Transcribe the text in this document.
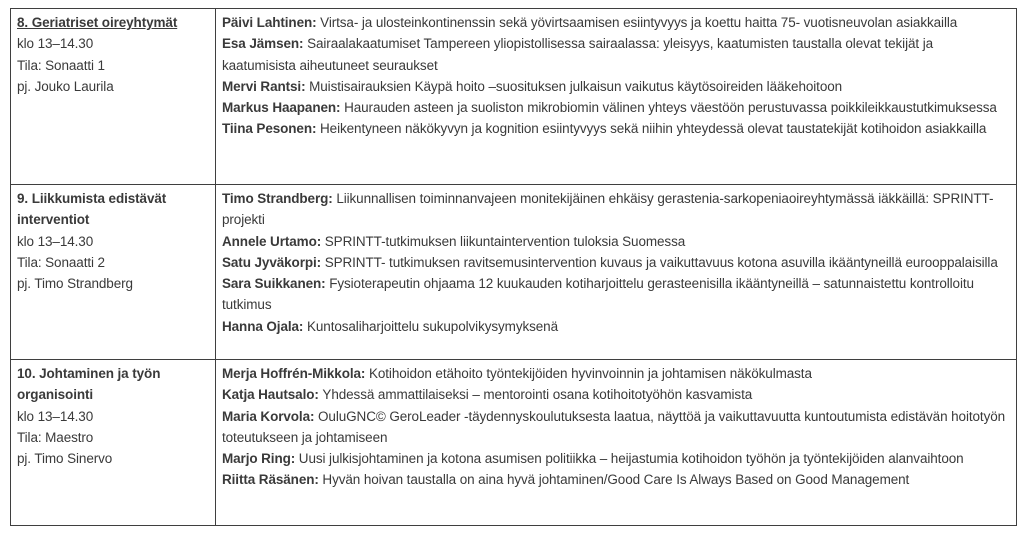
8. Geriatriset oireyhtymät
klo 13–14.30
Tila: Sonaatti 1
pj. Jouko Laurila

Päivi Lahtinen: Virtsa- ja ulosteinkontinenssin sekä yövirtsaamisen esiintyvyys ja koettu haitta 75- vuotisneuvolan asiakkailla

Esa Jämsen: Sairaalakaatumiset Tampereen yliopistollisessa sairaalassa: yleisyys, kaatumisten taustalla olevat tekijät ja kaatumisista aiheutuneet seuraukset

Mervi Rantsi: Muistisairauksien Käypä hoito –suosituksen julkaisun vaikutus käytösoireiden lääkehoitoon

Markus Haapanen: Haurauden asteen ja suoliston mikrobiomin välinen yhteys väestöön perustuvassa poikkileikkaustutkimuksessa

Tiina Pesonen: Heikentyneen näkökyvyn ja kognition esiintyvyys sekä niihin yhteydessä olevat taustatekijät kotihoidon asiakkailla

9. Liikkumista edistävät interventiot
klo 13–14.30
Tila: Sonaatti 2
pj. Timo Strandberg

Timo Strandberg: Liikunnallisen toiminnanvajeen monitekijäinen ehkäisy gerastenia-sarkopeniaoireyhtymässä iäkkäillä: SPRINTT-projekti

Annele Urtamo: SPRINTT-tutkimuksen liikuntaintervention tuloksia Suomessa

Satu Jyväkorpi: SPRINTT- tutkimuksen ravitsemusintervention kuvaus ja vaikuttavuus kotona asuvilla ikääntyneillä eurooppalaisilla

Sara Suikkanen: Fysioterapeutin ohjaama 12 kuukauden kotiharjoittelu gerasteenisilla ikääntyneillä – satunnaistettu kontrolloitu tutkimus

Hanna Ojala: Kuntosaliharjoittelu sukupolvikysymyksenä

10. Johtaminen ja työn organisointi
klo 13–14.30
Tila: Maestro
pj. Timo Sinervo

Merja Hoffrén-Mikkola: Kotihoidon etähoito työntekijöiden hyvinvoinnin ja johtamisen näkökulmasta

Katja Hautsalo: Yhdessä ammattilaiseksi – mentorointi osana kotihoitotyöhön kasvamista

Maria Korvola: OuluGNC© GeroLeader -täydennyskoulutuksesta laatua, näyttöä ja vaikuttavuutta kuntoutumista edistävän hoitotyön toteutukseen ja johtamiseen

Marjo Ring: Uusi julkisjohtaminen ja kotona asumisen politiikka – heijastumia kotihoidon työhön ja työntekijöiden alanvaihtoon

Riitta Räsänen: Hyvän hoivan taustalla on aina hyvä johtaminen/Good Care Is Always Based on Good Management
